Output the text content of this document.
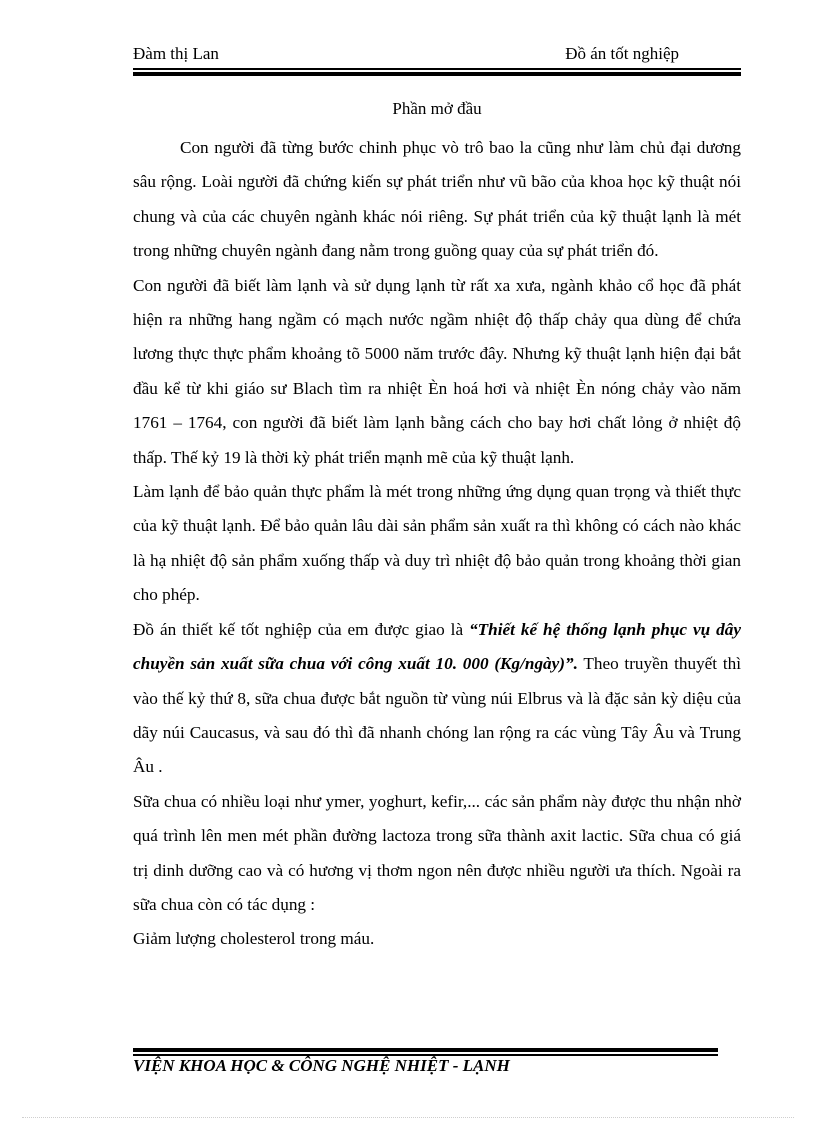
Đàm thị Lan	Đồ án tốt nghiệp
Phần mở đầu

Con người đã từng bước chinh phục vò trô bao la cũng như làm chủ đại dương sâu rộng. Loài người đã chứng kiến sự phát triển như vũ bão của khoa học kỹ thuật nói chung và của các chuyên ngành khác nói riêng. Sự phát triển của kỹ thuật lạnh là mét trong những chuyên ngành đang nằm trong guồng quay của sự phát triển đó.

Con người đã biết làm lạnh và sử dụng lạnh từ rất xa xưa, ngành khảo cổ học đã phát hiện ra những hang ngầm có mạch nước ngầm nhiệt độ thấp chảy qua dùng để chứa lương thực thực phẩm khoảng tõ 5000 năm trước đây. Nhưng kỹ thuật lạnh hiện đại bắt đầu kể từ khi giáo sư Blach tìm ra nhiệt Èn hoá hơi và nhiệt Èn nóng chảy vào năm 1761 – 1764, con người đã biết làm lạnh bằng cách cho bay hơi chất lỏng ở nhiệt độ thấp. Thế kỷ 19 là thời kỳ phát triển mạnh mẽ của kỹ thuật lạnh.

Làm lạnh để bảo quản thực phẩm là mét trong những ứng dụng quan trọng và thiết thực của kỹ thuật lạnh. Để bảo quản lâu dài sản phẩm sản xuất ra thì không có cách nào khác là hạ nhiệt độ sản phẩm xuống thấp và duy trì nhiệt độ bảo quản trong khoảng thời gian cho phép.

Đồ án thiết kế tốt nghiệp của em được giao là “Thiết kế hệ thống lạnh phục vụ dây chuyền sản xuất sữa chua với công xuất 10. 000 (Kg/ngày)”. Theo truyền thuyết thì vào thế kỷ thứ 8, sữa chua được bắt nguồn từ vùng núi Elbrus và là đặc sản kỳ diệu của dãy núi Caucasus, và sau đó thì đã nhanh chóng lan rộng ra các vùng Tây Âu và Trung Âu .

Sữa chua có nhiều loại như ymer, yoghurt, kefir,... các sản phẩm này được thu nhận nhờ quá trình lên men mét phần đường lactoza trong sữa thành axit lactic. Sữa chua có giá trị dinh dưỡng cao và có hương vị thơm ngon nên được nhiều người ưa thích. Ngoài ra sữa chua còn có tác dụng :

Giảm lượng cholesterol trong máu.

VIỆN KHOA HỌC & CÔNG NGHỆ NHIỆT - LẠNH
